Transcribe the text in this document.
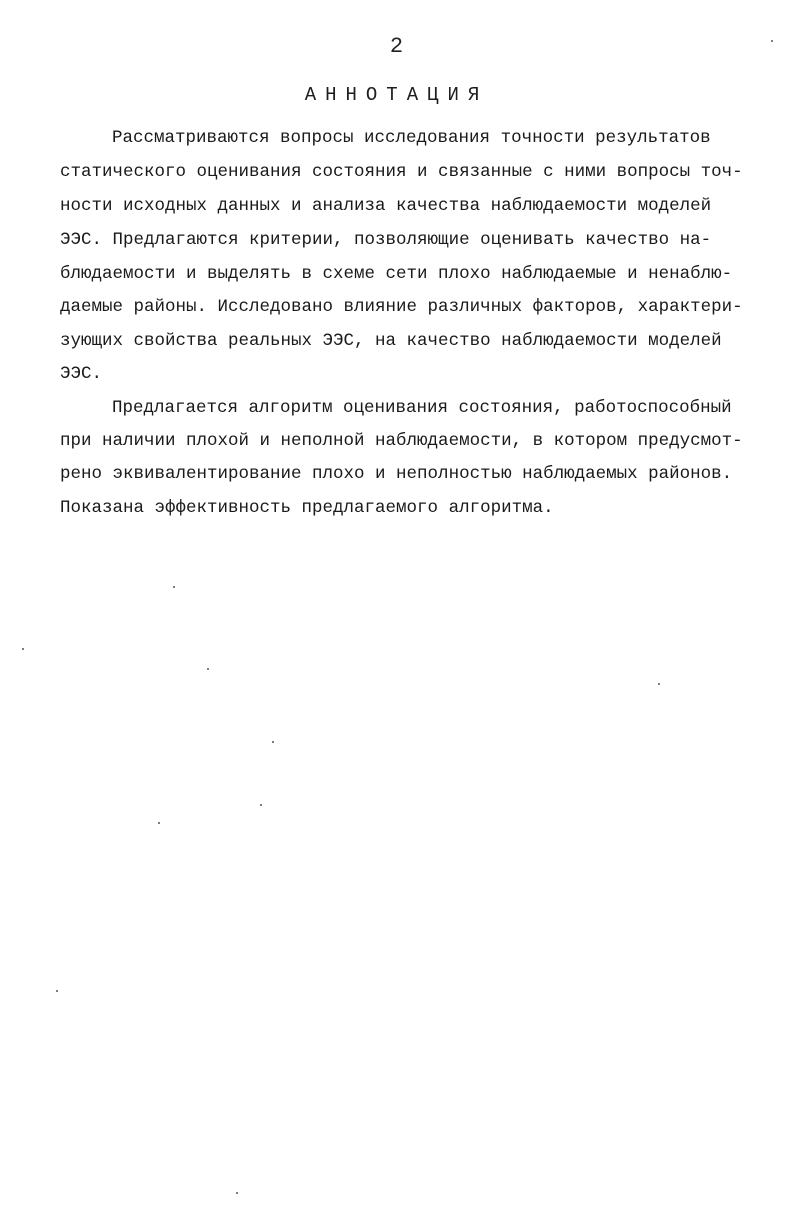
2
АННОТАЦИЯ
Рассматриваются вопросы исследования точности результатов
статического оценивания состояния и связанные с ними вопросы точ-
ности исходных данных и анализа качества наблюдаемости моделей
ЭЭС. Предлагаются критерии, позволяющие оценивать качество на-
блюдаемости и выделять в схеме сети плохо наблюдаемые и ненаблю-
даемые районы. Исследовано влияние различных факторов, характери-
зующих свойства реальных ЭЭС, на качество наблюдаемости моделей
ЭЭС.
Предлагается алгоритм оценивания состояния, работоспособный
при наличии плохой и неполной наблюдаемости, в котором предусмот-
рено эквивалентирование плохо и неполностью наблюдаемых районов.
Показана эффективность предлагаемого алгоритма.
